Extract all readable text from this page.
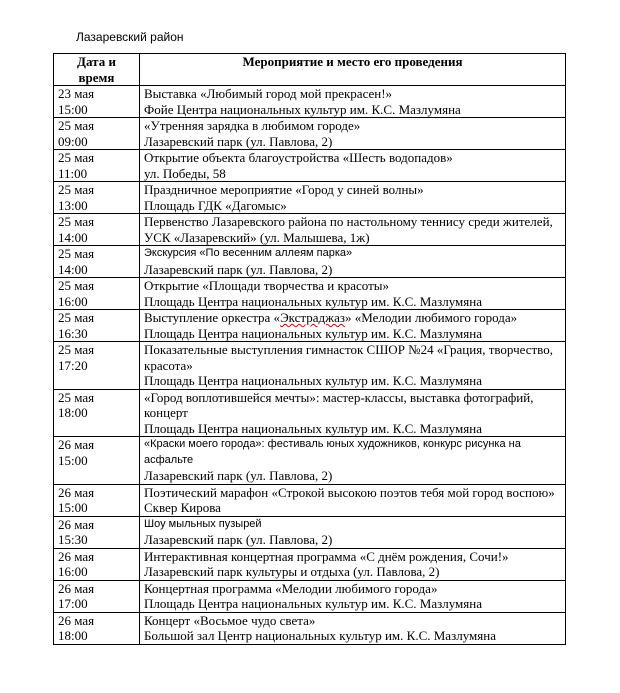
Лазаревский район
Дата и
время	Мероприятие и место его проведения

23 мая
15:00	Выставка «Любимый город мой прекрасен!»
Фойе Центра национальных культур им. К.С. Мазлумяна

25 мая
09:00	«Утренняя зарядка в любимом городе»
Лазаревский парк (ул. Павлова, 2)

25 мая
11:00	Открытие объекта благоустройства «Шесть водопадов»
ул. Победы, 58

25 мая
13:00	Праздничное мероприятие «Город у синей волны»
Площадь ГДК «Дагомыс»

25 мая
14:00	Первенство Лазаревского района по настольному теннису среди жителей,
УСК «Лазаревский» (ул. Малышева, 1ж)

25 мая
14:00	Экскурсия «По весенним аллеям парка»
Лазаревский парк (ул. Павлова, 2)

25 мая
16:00	Открытие «Площади творчества и красоты»
Площадь Центра национальных культур им. К.С. Мазлумяна

25 мая
16:30	Выступление оркестра «Экстраджаз» «Мелодии любимого города»
Площадь Центра национальных культур им. К.С. Мазлумяна

25 мая
17:20	Показательные выступления гимнасток СШОР №24 «Грация, творчество,
красота»
Площадь Центра национальных культур им. К.С. Мазлумяна

25 мая
18:00	«Город воплотившейся мечты»: мастер-классы, выставка фотографий,
концерт
Площадь Центра национальных культур им. К.С. Мазлумяна

26 мая
15:00	«Краски моего города»: фестиваль юных художников, конкурс рисунка на
асфальте
Лазаревский парк (ул. Павлова, 2)

26 мая
15:00	Поэтический марафон «Строкой высокою поэтов тебя мой город воспою»
Сквер Кирова

26 мая
15:30	Шоу мыльных пузырей
Лазаревский парк (ул. Павлова, 2)

26 мая
16:00	Интерактивная концертная программа «С днём рождения, Сочи!»
Лазаревский парк культуры и отдыха (ул. Павлова, 2)

26 мая
17:00	Концертная программа «Мелодии любимого города»
Площадь Центра национальных культур им. К.С. Мазлумяна

26 мая
18:00	Концерт «Восьмое чудо света»
Большой зал Центр национальных культур им. К.С. Мазлумяна
